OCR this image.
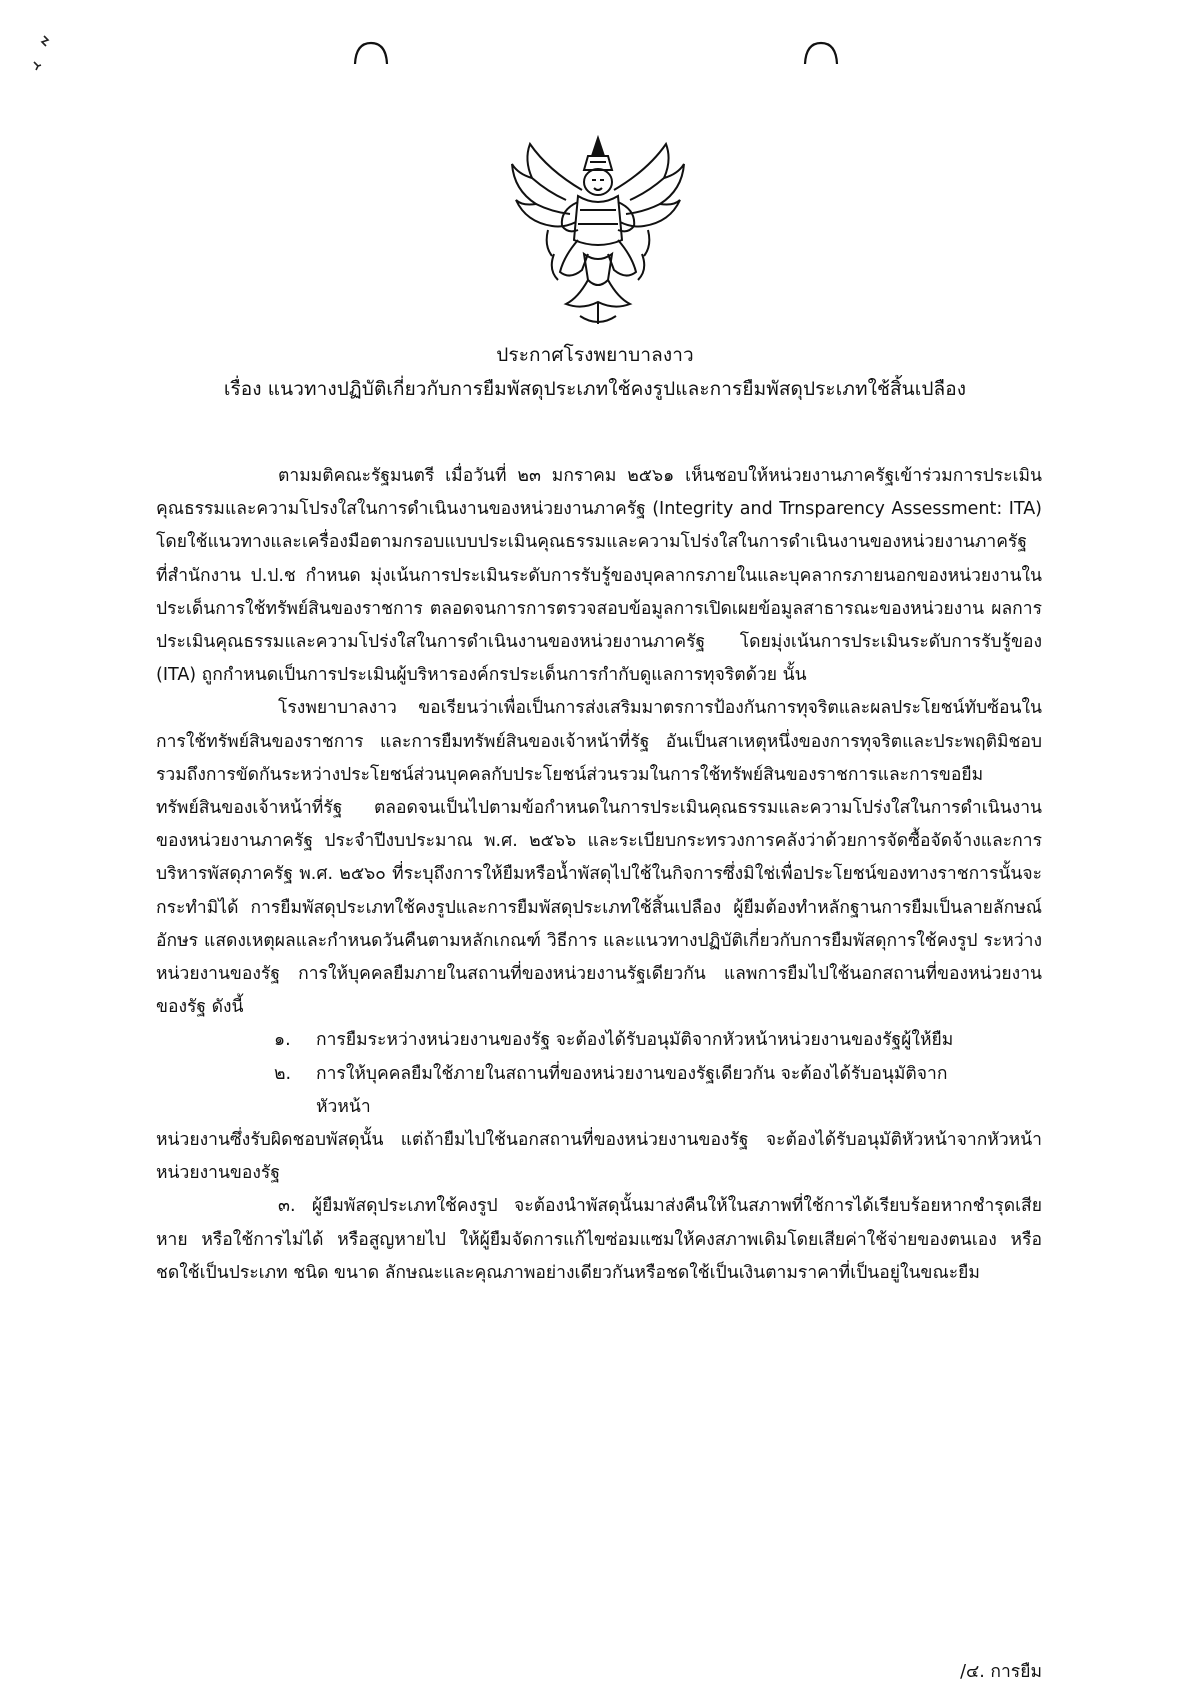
ประกาศโรงพยาบาลงาว

เรื่อง แนวทางปฏิบัติเกี่ยวกับการยืมพัสดุประเภทใช้คงรูปและการยืมพัสดุประเภทใช้สิ้นเปลือง

ตามมติคณะรัฐมนตรี เมื่อวันที่ ๒๓ มกราคม ๒๕๖๑ เห็นชอบให้หน่วยงานภาครัฐเข้าร่วมการประเมินคุณธรรมและความโปรงใสในการดำเนินงานของหน่วยงานภาครัฐ (Integrity and Trnsparency Assessment: ITA) โดยใช้แนวทางและเครื่องมือตามกรอบแบบประเมินคุณธรรมและความโปร่งใสในการดำเนินงานของหน่วยงานภาครัฐ ที่สำนักงาน ป.ป.ช กำหนด มุ่งเน้นการประเมินระดับการรับรู้ของบุคลากรภายในและบุคลากรภายนอกของหน่วยงานในประเด็นการใช้ทรัพย์สินของราชการ ตลอดจนการการตรวจสอบข้อมูลการเปิดเผยข้อมูลสาธารณะของหน่วยงาน ผลการประเมินคุณธรรมและความโปร่งใสในการดำเนินงานของหน่วยงานภาครัฐ โดยมุ่งเน้นการประเมินระดับการรับรู้ของ (ITA) ถูกกำหนดเป็นการประเมินผู้บริหารองค์กรประเด็นการกำกับดูแลการทุจริตด้วย นั้น

โรงพยาบาลงาว ขอเรียนว่าเพื่อเป็นการส่งเสริมมาตรการป้องกันการทุจริตและผลประโยชน์ทับซ้อนในการใช้ทรัพย์สินของราชการ และการยืมทรัพย์สินของเจ้าหน้าที่รัฐ อันเป็นสาเหตุหนึ่งของการทุจริตและประพฤติมิชอบ รวมถึงการขัดกันระหว่างประโยชน์ส่วนบุคคลกับประโยชน์ส่วนรวมในการใช้ทรัพย์สินของราชการและการขอยืมทรัพย์สินของเจ้าหน้าที่รัฐ ตลอดจนเป็นไปตามข้อกำหนดในการประเมินคุณธรรมและความโปร่งใสในการดำเนินงานของหน่วยงานภาครัฐ ประจำปีงบประมาณ พ.ศ. ๒๕๖๖ และระเบียบกระทรวงการคลังว่าด้วยการจัดซื้อจัดจ้างและการบริหารพัสดุภาครัฐ พ.ศ. ๒๕๖๐ ที่ระบุถึงการให้ยืมหรือน้ำพัสดุไปใช้ในกิจการซึ่งมิใช่เพื่อประโยชน์ของทางราชการนั้นจะกระทำมิได้ การยืมพัสดุประเภทใช้คงรูปและการยืมพัสดุประเภทใช้สิ้นเปลือง ผู้ยืมต้องทำหลักฐานการยืมเป็นลายลักษณ์อักษร แสดงเหตุผลและกำหนดวันคืนตามหลักเกณฑ์ วิธีการ และแนวทางปฏิบัติเกี่ยวกับการยืมพัสดุการใช้คงรูป ระหว่างหน่วยงานของรัฐ การให้บุคคลยืมภายในสถานที่ของหน่วยงานรัฐเดียวกัน แลพการยืมไปใช้นอกสถานที่ของหน่วยงานของรัฐ ดังนี้

๑. การยืมระหว่างหน่วยงานของรัฐ จะต้องได้รับอนุมัติจากหัวหน้าหน่วยงานของรัฐผู้ให้ยืม

๒. การให้บุคคลยืมใช้ภายในสถานที่ของหน่วยงานของรัฐเดียวกัน จะต้องได้รับอนุมัติจาก

หัวหน้า

หน่วยงานซึ่งรับผิดชอบพัสดุนั้น แต่ถ้ายืมไปใช้นอกสถานที่ของหน่วยงานของรัฐ จะต้องได้รับอนุมัติหัวหน้าจากหัวหน้าหน่วยงานของรัฐ

๓. ผู้ยืมพัสดุประเภทใช้คงรูป จะต้องนำพัสดุนั้นมาส่งคืนให้ในสภาพที่ใช้การได้เรียบร้อยหากชำรุดเสียหาย หรือใช้การไม่ได้ หรือสูญหายไป ให้ผู้ยืมจัดการแก้ไขซ่อมแซมให้คงสภาพเดิมโดยเสียค่าใช้จ่ายของตนเอง หรือชดใช้เป็นประเภท ชนิด ขนาด ลักษณะและคุณภาพอย่างเดียวกันหรือชดใช้เป็นเงินตามราคาที่เป็นอยู่ในขณะยืม

/๔. การยืม
